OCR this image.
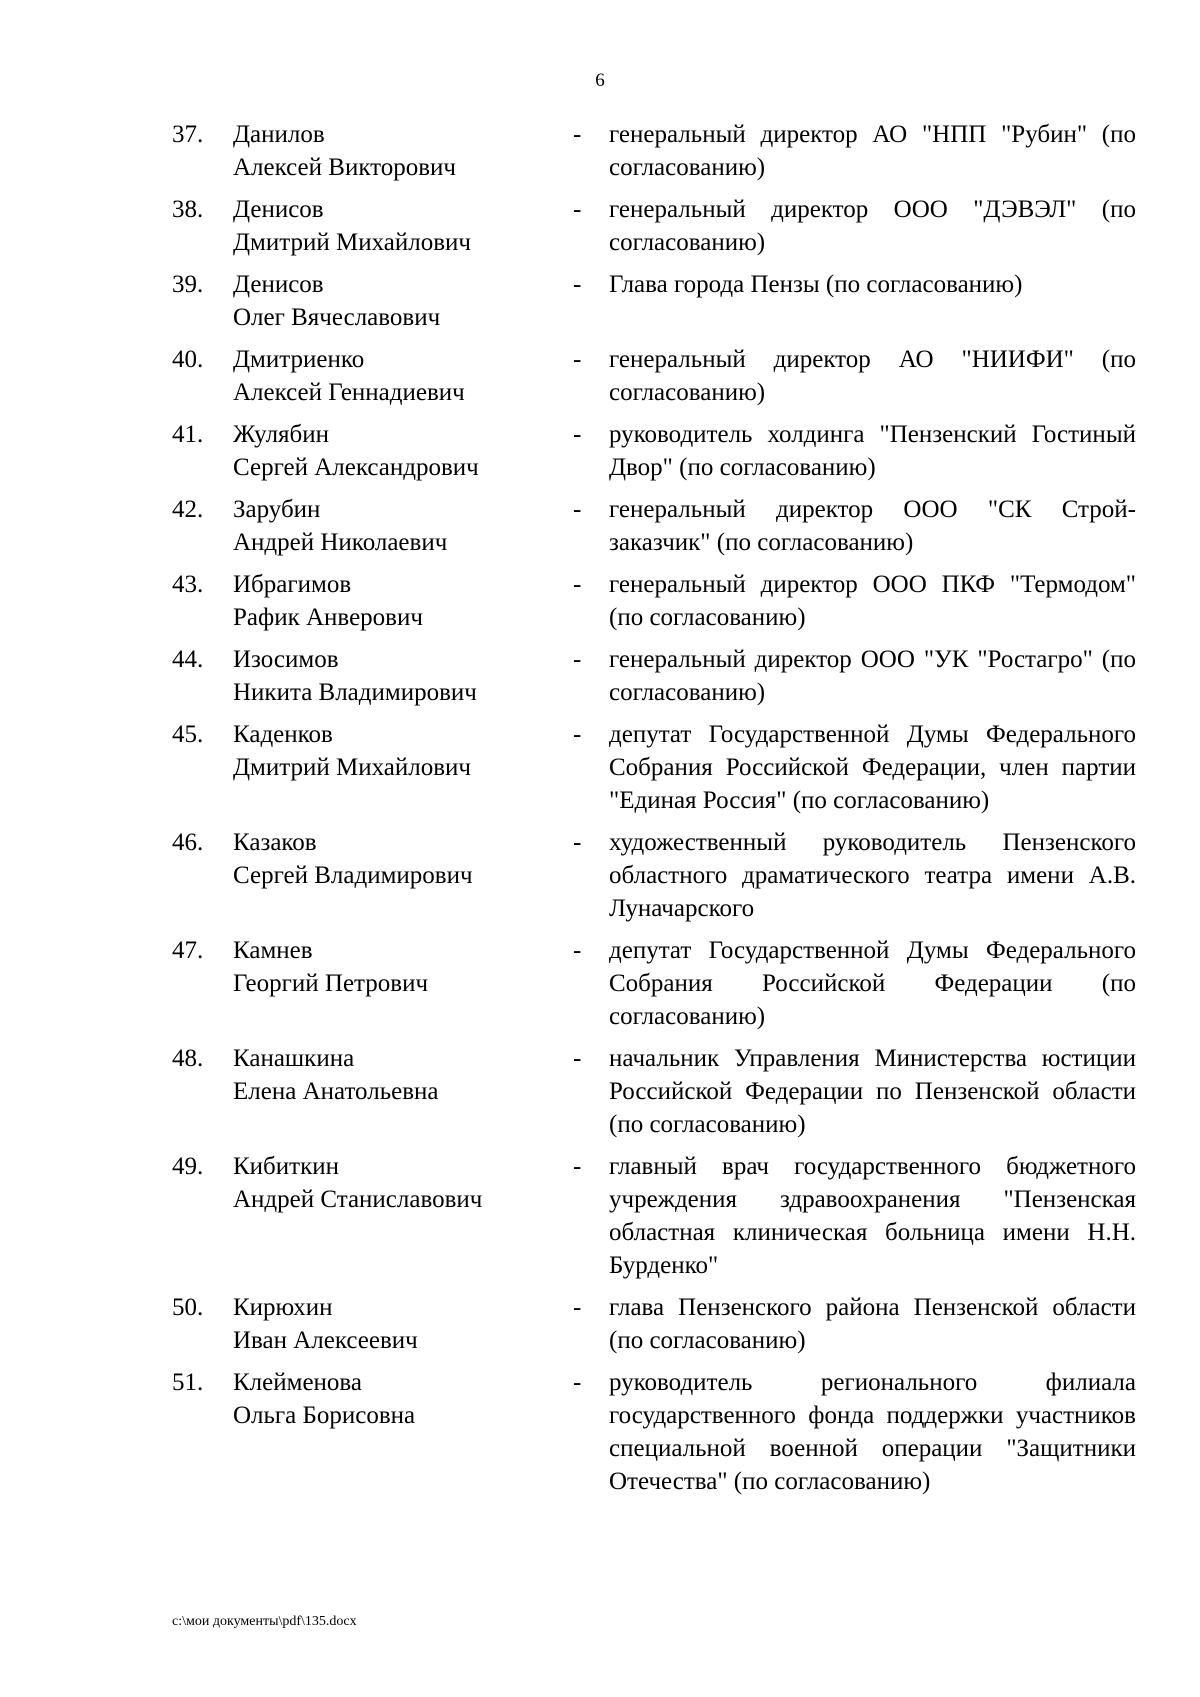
6
37. Данилов
Алексей Викторович
- генеральный директор АО "НПП "Рубин" (по согласованию)
38. Денисов
Дмитрий Михайлович
- генеральный директор ООО "ДЭВЭЛ" (по согласованию)
39. Денисов
Олег Вячеславович
- Глава города Пензы (по согласованию)
40. Дмитриенко
Алексей Геннадиевич
- генеральный директор АО "НИИФИ" (по согласованию)
41. Жулябин
Сергей Александрович
- руководитель холдинга "Пензенский Гостиный Двор" (по согласованию)
42. Зарубин
Андрей Николаевич
- генеральный директор ООО "СК Строй-заказчик" (по согласованию)
43. Ибрагимов
Рафик Анверович
- генеральный директор ООО ПКФ "Термодом" (по согласованию)
44. Изосимов
Никита Владимирович
- генеральный директор ООО "УК "Ростагро" (по согласованию)
45. Каденков
Дмитрий Михайлович
- депутат Государственной Думы Федерального Собрания Российской Федерации, член партии "Единая Россия" (по согласованию)
46. Казаков
Сергей Владимирович
- художественный руководитель Пензенского областного драматического театра имени А.В. Луначарского
47. Камнев
Георгий Петрович
- депутат Государственной Думы Федерального Собрания Российской Федерации (по согласованию)
48. Канашкина
Елена Анатольевна
- начальник Управления Министерства юстиции Российской Федерации по Пензенской области (по согласованию)
49. Кибиткин
Андрей Станиславович
- главный врач государственного бюджетного учреждения здравоохранения "Пензенская областная клиническая больница имени Н.Н. Бурденко"
50. Кирюхин
Иван Алексеевич
- глава Пензенского района Пензенской области (по согласованию)
51. Клейменова
Ольга Борисовна
- руководитель регионального филиала государственного фонда поддержки участников специальной военной операции "Защитники Отечества" (по согласованию)
c:\мои документы\pdf\135.docx
